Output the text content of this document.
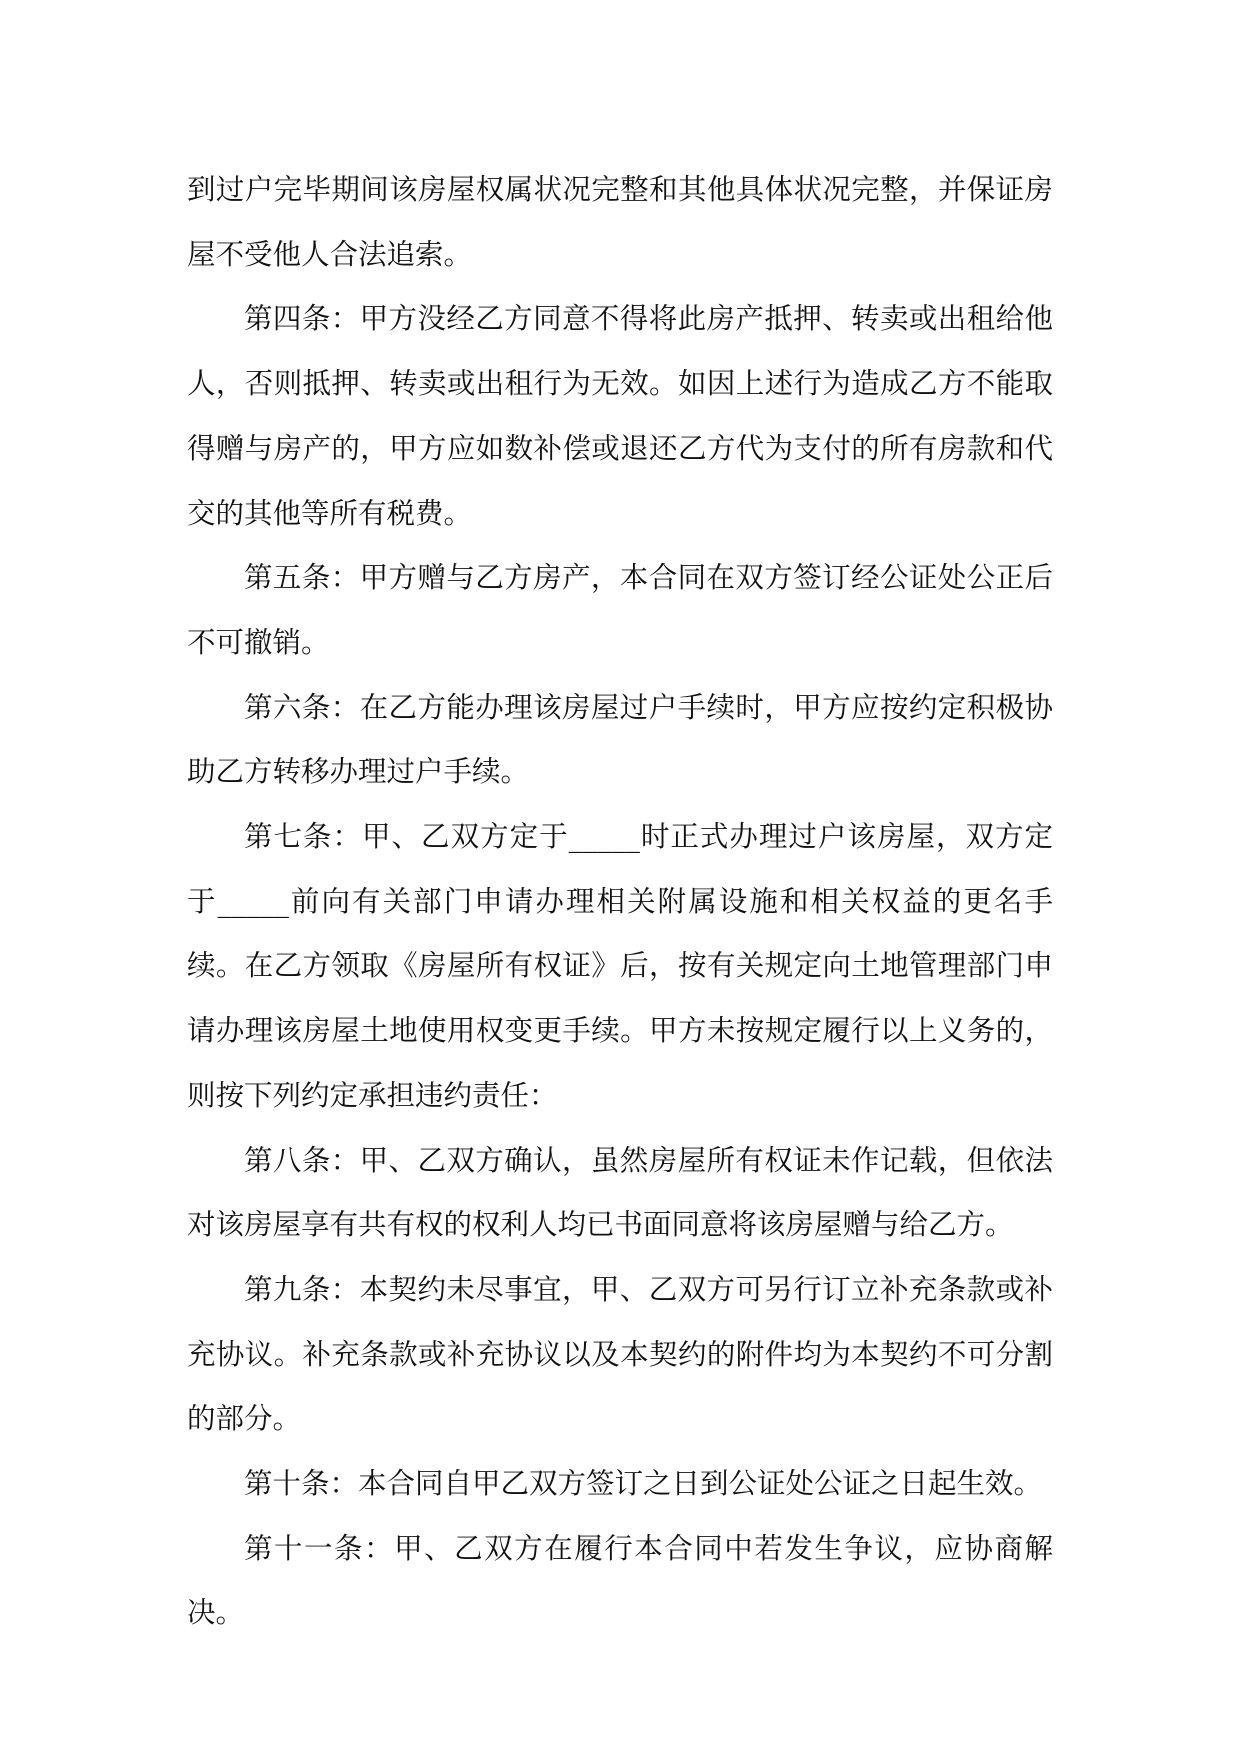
到过户完毕期间该房屋权属状况完整和其他具体状况完整，并保证房屋不受他人合法追索。

第四条：甲方没经乙方同意不得将此房产抵押、转卖或出租给他人，否则抵押、转卖或出租行为无效。如因上述行为造成乙方不能取得赠与房产的，甲方应如数补偿或退还乙方代为支付的所有房款和代交的其他等所有税费。

第五条：甲方赠与乙方房产，本合同在双方签订经公证处公正后不可撤销。

第六条：在乙方能办理该房屋过户手续时，甲方应按约定积极协助乙方转移办理过户手续。

第七条：甲、乙双方定于_____时正式办理过户该房屋，双方定于_____前向有关部门申请办理相关附属设施和相关权益的更名手续。在乙方领取《房屋所有权证》后，按有关规定向土地管理部门申请办理该房屋土地使用权变更手续。甲方未按规定履行以上义务的，则按下列约定承担违约责任：

第八条：甲、乙双方确认，虽然房屋所有权证未作记载，但依法对该房屋享有共有权的权利人均已书面同意将该房屋赠与给乙方。

第九条：本契约未尽事宜，甲、乙双方可另行订立补充条款或补充协议。补充条款或补充协议以及本契约的附件均为本契约不可分割的部分。

第十条：本合同自甲乙双方签订之日到公证处公证之日起生效。

第十一条：甲、乙双方在履行本合同中若发生争议，应协商解决。
